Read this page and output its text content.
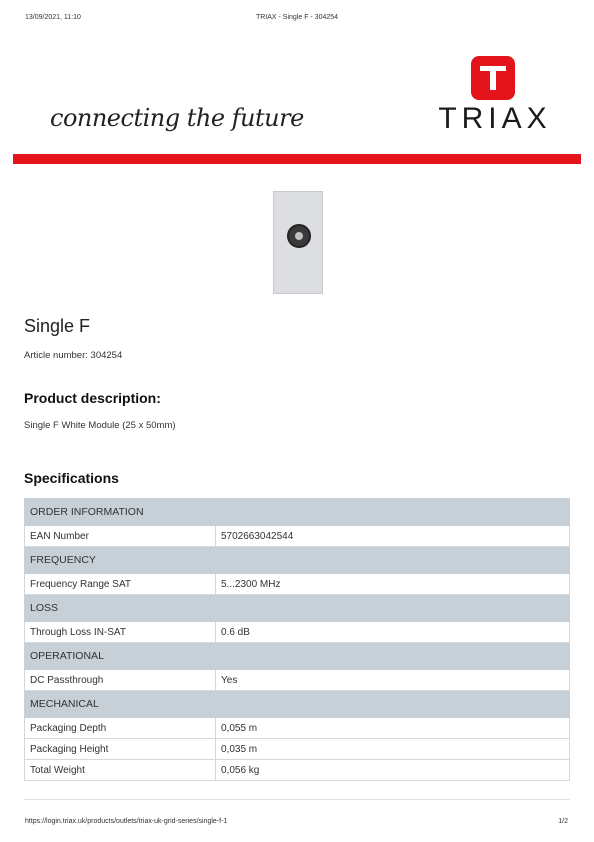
13/09/2021, 11:10	TRIAX - Single F - 304254
connecting the future	TRIAX
Single F
Article number: 304254
Product description:
Single F White Module (25 x 50mm)
Specifications
ORDER INFORMATION	
EAN Number	5702663042544
FREQUENCY	
Frequency Range SAT	5...2300 MHz
LOSS	
Through Loss IN-SAT	0.6 dB
OPERATIONAL	
DC Passthrough	Yes
MECHANICAL	
Packaging Depth	0,055 m
Packaging Height	0,035 m
Total Weight	0,056 kg
https://login.triax.uk/products/outlets/triax-uk-grid-series/single-f-1	1/2
